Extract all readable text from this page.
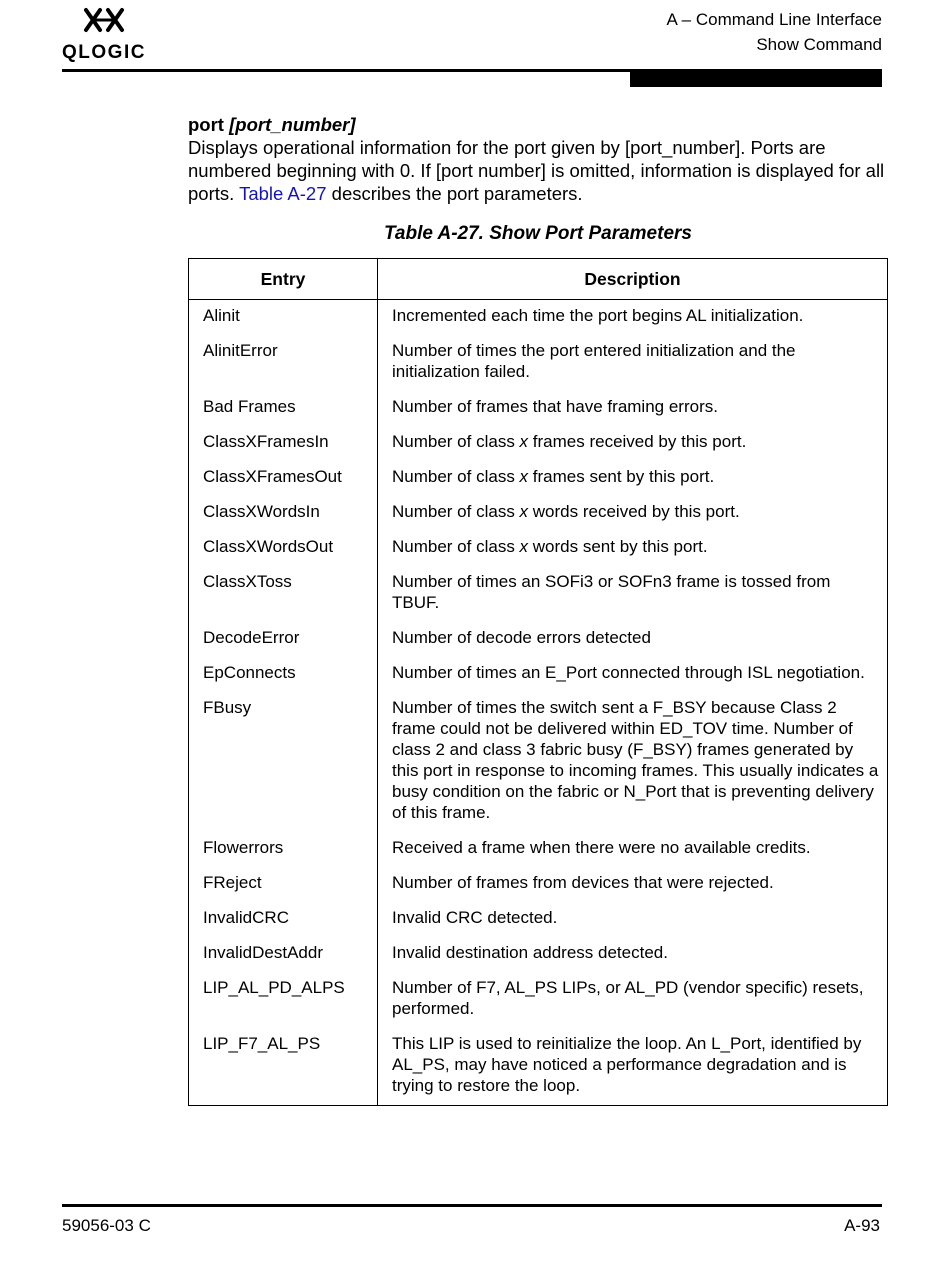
QLOGIC
A – Command Line Interface
Show Command
port [port_number]
Displays operational information for the port given by [port_number]. Ports are numbered beginning with 0. If [port number] is omitted, information is displayed for all ports. Table A-27 describes the port parameters.
Table A-27. Show Port Parameters
Entry	Description
Alinit	Incremented each time the port begins AL initialization.
AlinitError	Number of times the port entered initialization and the initialization failed.
Bad Frames	Number of frames that have framing errors.
ClassXFramesIn	Number of class x frames received by this port.
ClassXFramesOut	Number of class x frames sent by this port.
ClassXWordsIn	Number of class x words received by this port.
ClassXWordsOut	Number of class x words sent by this port.
ClassXToss	Number of times an SOFi3 or SOFn3 frame is tossed from TBUF.
DecodeError	Number of decode errors detected
EpConnects	Number of times an E_Port connected through ISL negotiation.
FBusy	Number of times the switch sent a F_BSY because Class 2 frame could not be delivered within ED_TOV time. Number of class 2 and class 3 fabric busy (F_BSY) frames generated by this port in response to incoming frames. This usually indicates a busy condition on the fabric or N_Port that is preventing delivery of this frame.
Flowerrors	Received a frame when there were no available credits.
FReject	Number of frames from devices that were rejected.
InvalidCRC	Invalid CRC detected.
InvalidDestAddr	Invalid destination address detected.
LIP_AL_PD_ALPS	Number of F7, AL_PS LIPs, or AL_PD (vendor specific) resets, performed.
LIP_F7_AL_PS	This LIP is used to reinitialize the loop. An L_Port, identified by AL_PS, may have noticed a performance degradation and is trying to restore the loop.
59056-03 C	A-93
